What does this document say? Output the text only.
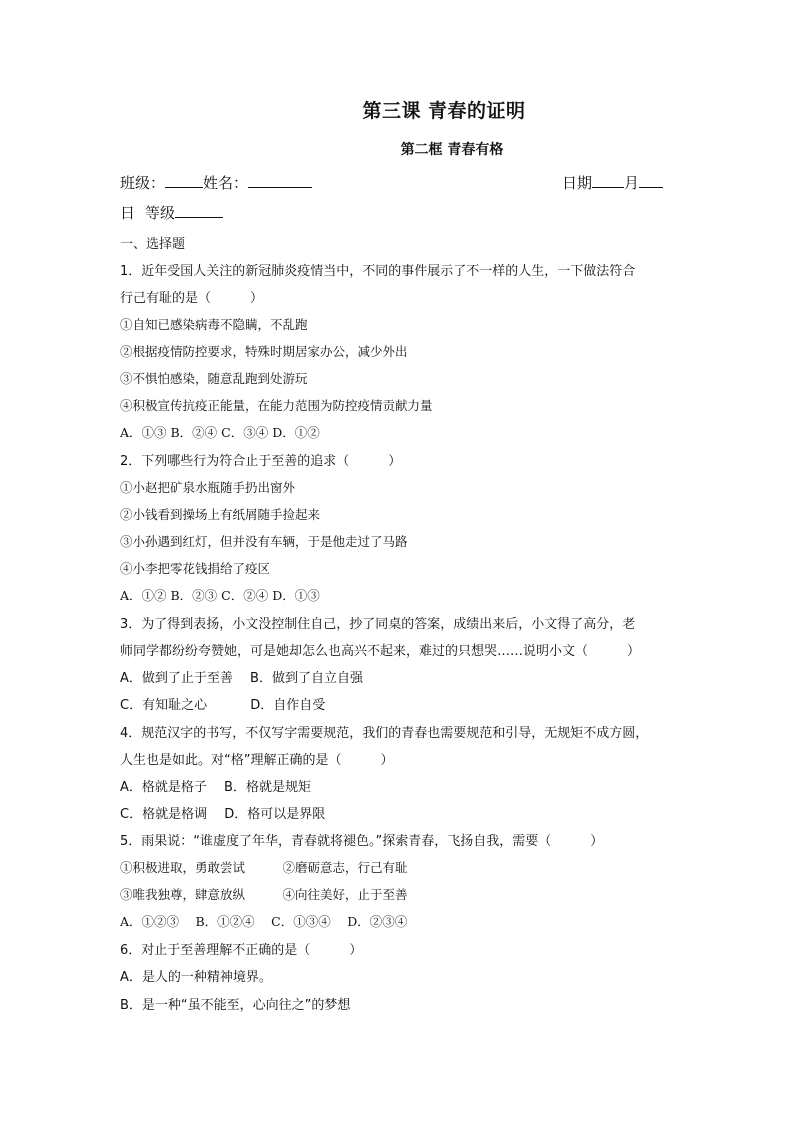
第三课 青春的证明
第二框 青春有格
班级：	姓名：	日期 月
日 等级
一、选择题
1．近年受国人关注的新冠肺炎疫情当中，不同的事件展示了不一样的人生，一下做法符合
行己有耻的是（　　　）
①自知已感染病毒不隐瞒，不乱跑
②根据疫情防控要求，特殊时期居家办公，减少外出
③不惧怕感染，随意乱跑到处游玩
④积极宣传抗疫正能量，在能力范围为防控疫情贡献力量
A．①③ B．②④ C．③④ D．①②
2．下列哪些行为符合止于至善的追求（　　　）
①小赵把矿泉水瓶随手扔出窗外
②小钱看到操场上有纸屑随手捡起来
③小孙遇到红灯，但并没有车辆，于是他走过了马路
④小李把零花钱捐给了疫区
A．①② B．②③ C．②④ D．①③
3．为了得到表扬，小文没控制住自己，抄了同桌的答案，成绩出来后，小文得了高分，老
师同学都纷纷夸赞她，可是她却怎么也高兴不起来，难过的只想哭……说明小文（　　　）
A．做到了止于至善　 B．做到了自立自强
C．有知耻之心　　　 D．自作自受
4．规范汉字的书写，不仅写字需要规范，我们的青春也需要规范和引导，无规矩不成方圆，
人生也是如此。对“格”理解正确的是（　　　）
A．格就是格子　 B．格就是规矩
C．格就是格调　 D．格可以是界限
5．雨果说：“谁虚度了年华，青春就将褪色。”探索青春，飞扬自我，需要（　　　）
①积极进取，勇敢尝试　　　②磨砺意志，行己有耻
③唯我独尊，肆意放纵　　　④向往美好，止于至善
A．①②③　 B．①②④　 C．①③④　 D．②③④
6．对止于至善理解不正确的是（　　　）
A．是人的一种精神境界。
B．是一种“虽不能至，心向往之”的梦想
